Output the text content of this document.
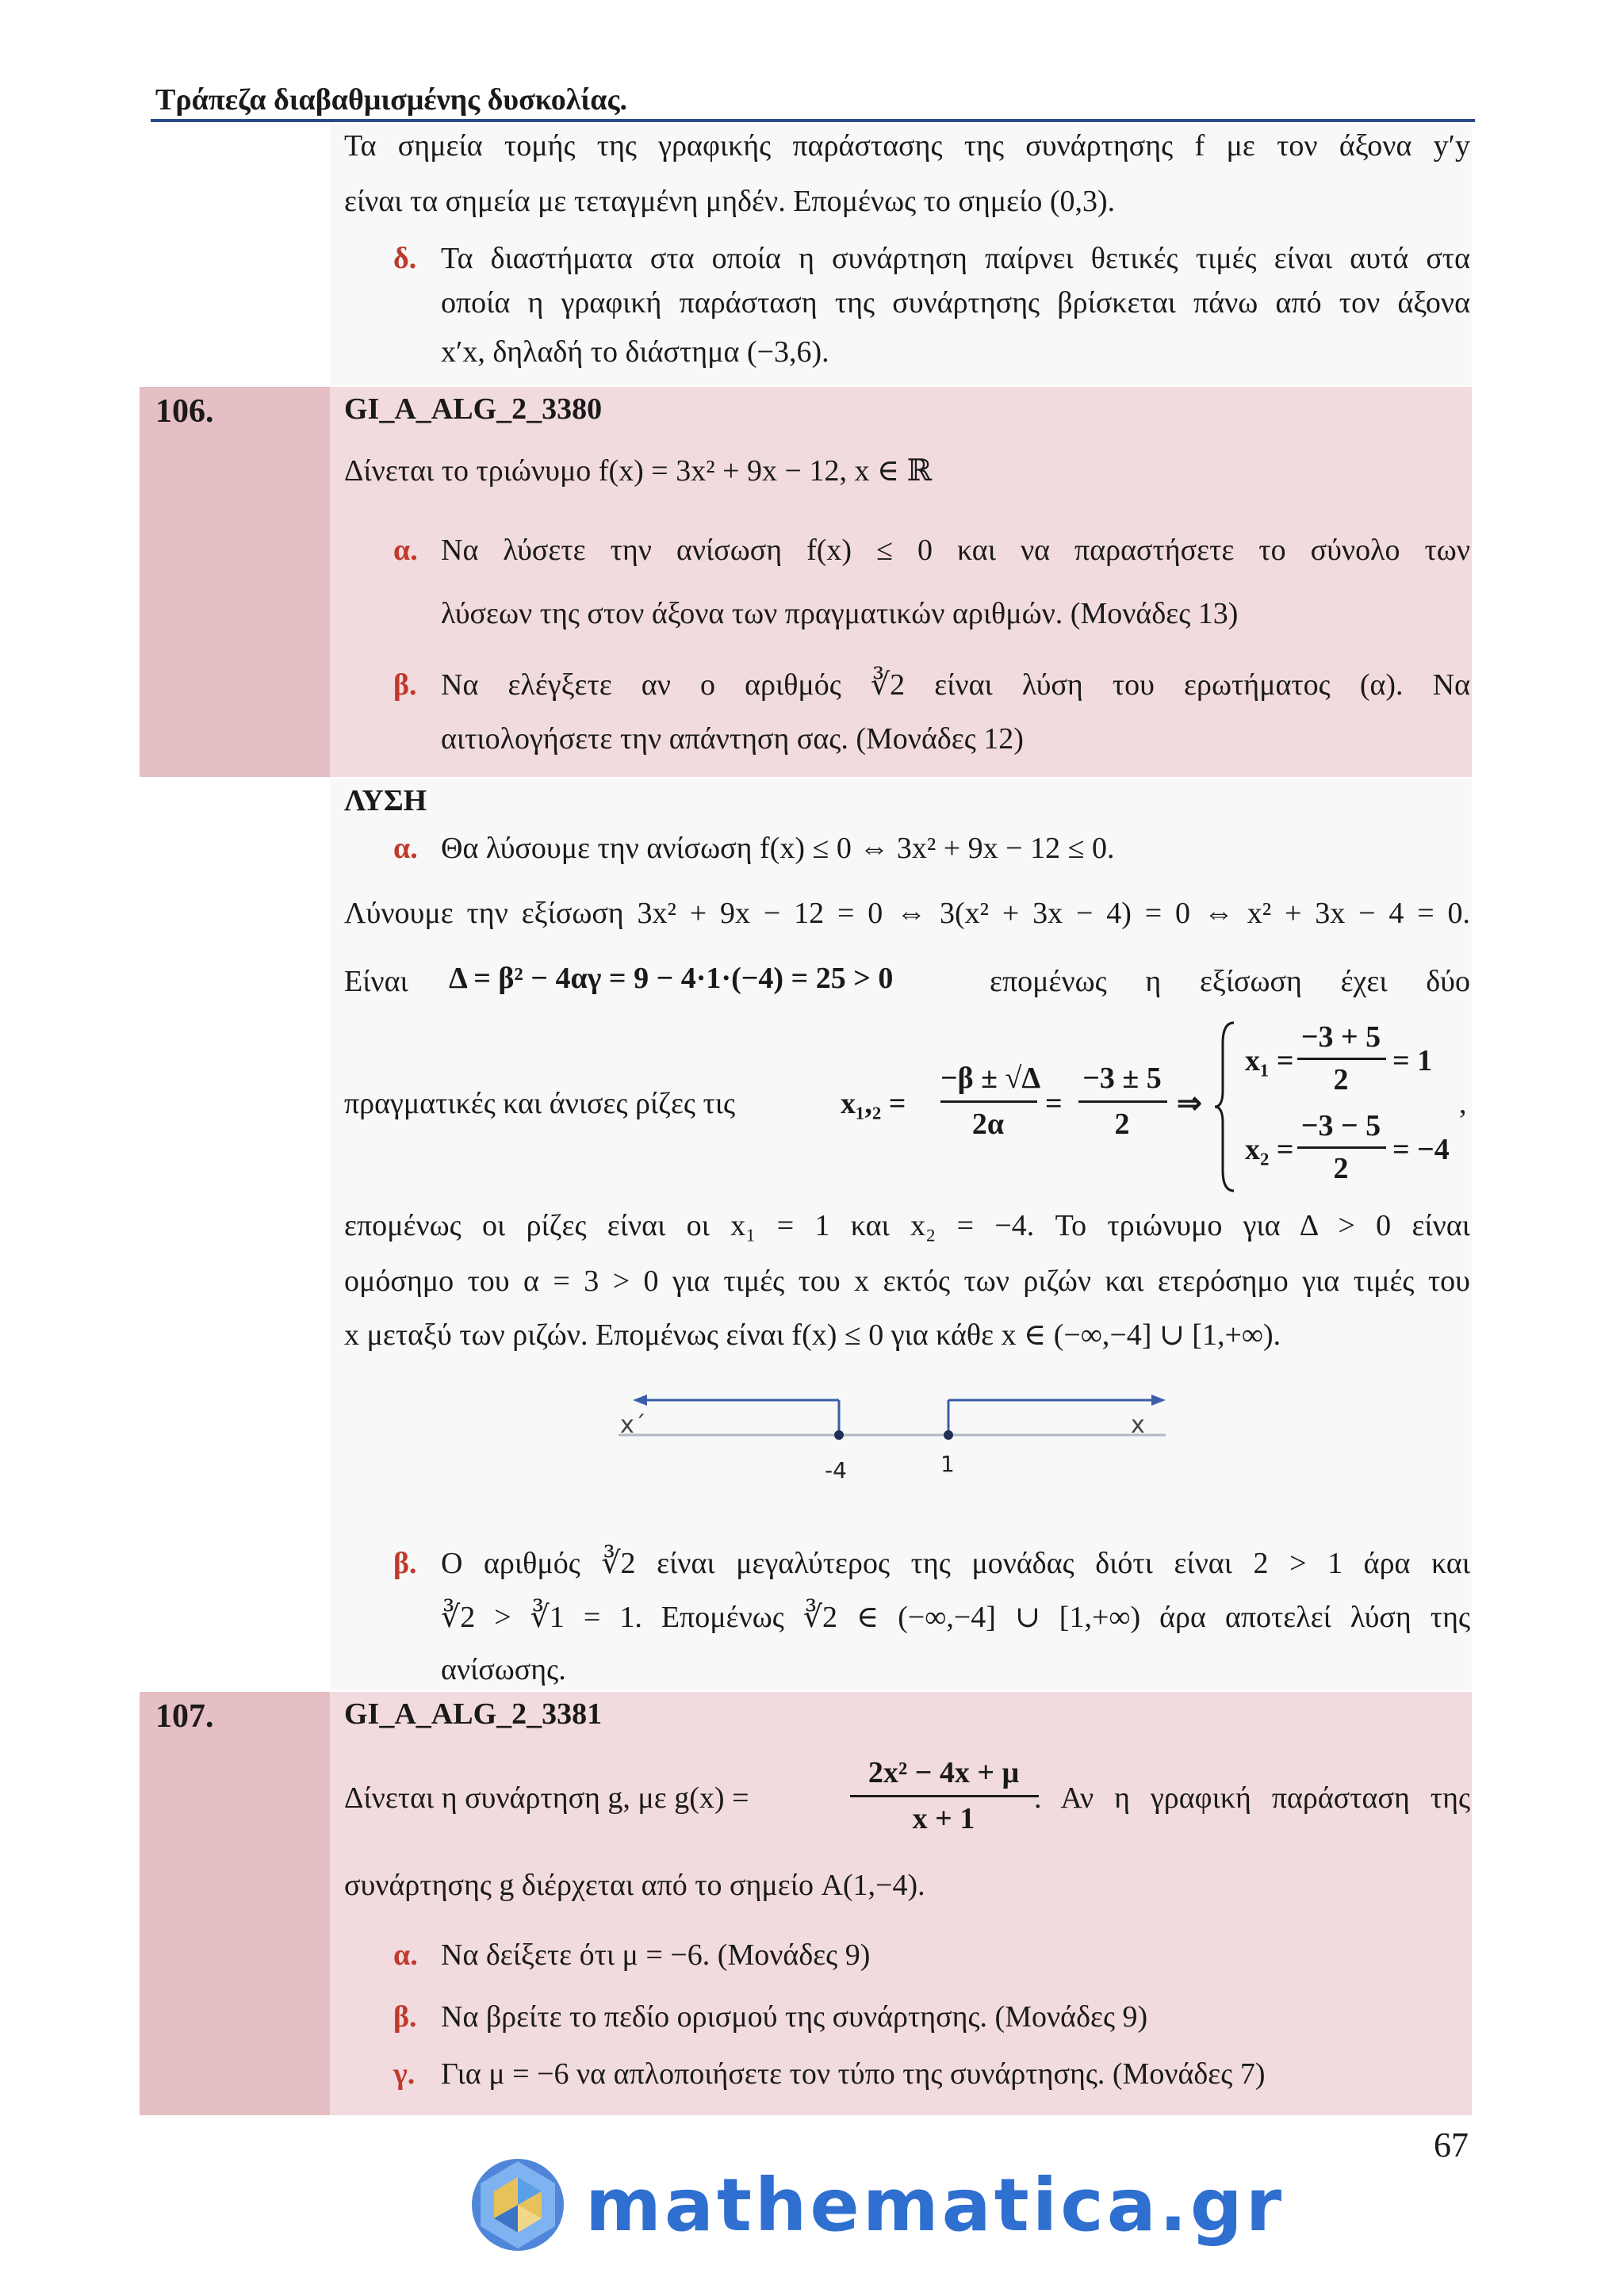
Τράπεζα διαβαθμισμένης δυσκολίας.
Τα σημεία τομής της γραφικής παράστασης της συνάρτησης f με τον άξονα y′y
είναι τα σημεία με τεταγμένη μηδέν. Επομένως το σημείο (0,3).
δ. Τα διαστήματα στα οποία η συνάρτηση παίρνει θετικές τιμές είναι αυτά στα
οποία η γραφική παράσταση της συνάρτησης βρίσκεται πάνω από τον άξονα
x′x, δηλαδή το διάστημα (−3,6).
106.	GI_A_ALG_2_3380
Δίνεται το τριώνυμο f(x) = 3x² + 9x − 12, x ∈ ℝ
α. Να λύσετε την ανίσωση f(x) ≤ 0 και να παραστήσετε το σύνολο των
λύσεων της στον άξονα των πραγματικών αριθμών. (Μονάδες 13)
β. Να ελέγξετε αν ο αριθμός ∛2 είναι λύση του ερωτήματος (α). Να
αιτιολογήσετε την απάντηση σας. (Μονάδες 12)
ΛΥΣΗ
α. Θα λύσουμε την ανίσωση f(x) ≤ 0 ⇔ 3x² + 9x − 12 ≤ 0.
Λύνουμε την εξίσωση 3x² + 9x − 12 = 0 ⇔ 3(x² + 3x − 4) = 0 ⇔ x² + 3x − 4 = 0.
Είναι Δ = β² − 4αγ = 9 − 4·1·(−4) = 25 > 0	επομένως η εξίσωση έχει δύο
πραγματικές και άνισες ρίζες τις	x₁,₂ =
−β ± √Δ
2α
=
−3 ± 5
2
⇒
x₁ =
−3 + 5
2
= 1
x₂ =
−3 − 5
2
= −4
,
επομένως οι ρίζες είναι οι x₁ = 1 και x₂ = −4. Το τριώνυμο για Δ > 0 είναι
ομόσημο του α = 3 > 0 για τιμές του x εκτός των ριζών και ετερόσημο για τιμές του
x μεταξύ των ριζών. Επομένως είναι f(x) ≤ 0 για κάθε x ∈ (−∞,−4] ∪ [1,+∞).
x΄	x
-4	1
β. Ο αριθμός ∛2 είναι μεγαλύτερος της μονάδας διότι είναι 2 > 1 άρα και
∛2 > ∛1 = 1. Επομένως ∛2 ∈ (−∞,−4] ∪ [1,+∞) άρα αποτελεί λύση της
ανίσωσης.
107.	GI_A_ALG_2_3381
Δίνεται η συνάρτηση g, με g(x) =
2x² − 4x + μ
x + 1
. Αν η γραφική παράσταση της
συνάρτησης g διέρχεται από το σημείο A(1,−4).
α. Να δείξετε ότι μ = −6. (Μονάδες 9)
β. Να βρείτε το πεδίο ορισμού της συνάρτησης. (Μονάδες 9)
γ. Για μ = −6 να απλοποιήσετε τον τύπο της συνάρτησης. (Μονάδες 7)
67
mathematica.gr
